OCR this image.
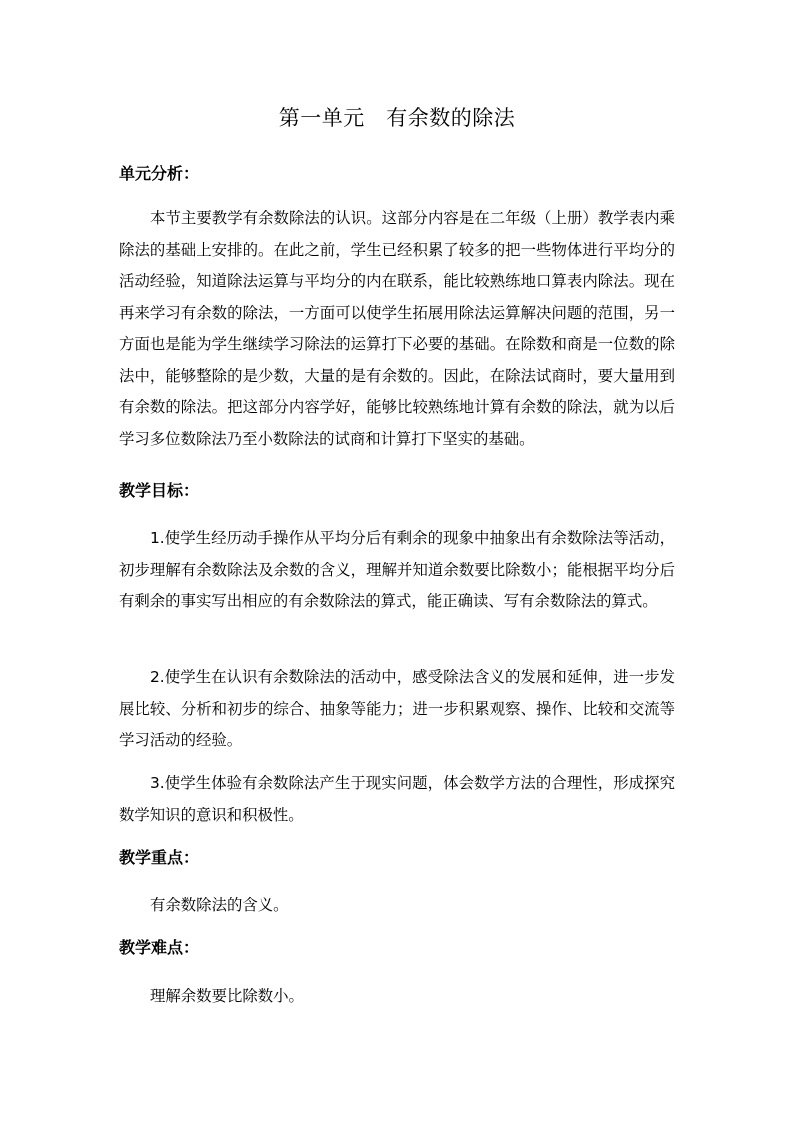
第一单元　有余数的除法
单元分析：

本节主要教学有余数除法的认识。这部分内容是在二年级（上册）教学表内乘除法的基础上安排的。在此之前，学生已经积累了较多的把一些物体进行平均分的活动经验，知道除法运算与平均分的内在联系，能比较熟练地口算表内除法。现在再来学习有余数的除法，一方面可以使学生拓展用除法运算解决问题的范围，另一方面也是能为学生继续学习除法的运算打下必要的基础。在除数和商是一位数的除法中，能够整除的是少数，大量的是有余数的。因此，在除法试商时，要大量用到有余数的除法。把这部分内容学好，能够比较熟练地计算有余数的除法，就为以后学习多位数除法乃至小数除法的试商和计算打下坚实的基础。

教学目标：

1.使学生经历动手操作从平均分后有剩余的现象中抽象出有余数除法等活动，初步理解有余数除法及余数的含义，理解并知道余数要比除数小；能根据平均分后有剩余的事实写出相应的有余数除法的算式，能正确读、写有余数除法的算式。

2.使学生在认识有余数除法的活动中，感受除法含义的发展和延伸，进一步发展比较、分析和初步的综合、抽象等能力；进一步积累观察、操作、比较和交流等学习活动的经验。

3.使学生体验有余数除法产生于现实问题，体会数学方法的合理性，形成探究数学知识的意识和积极性。

教学重点：

有余数除法的含义。

教学难点：

理解余数要比除数小。
